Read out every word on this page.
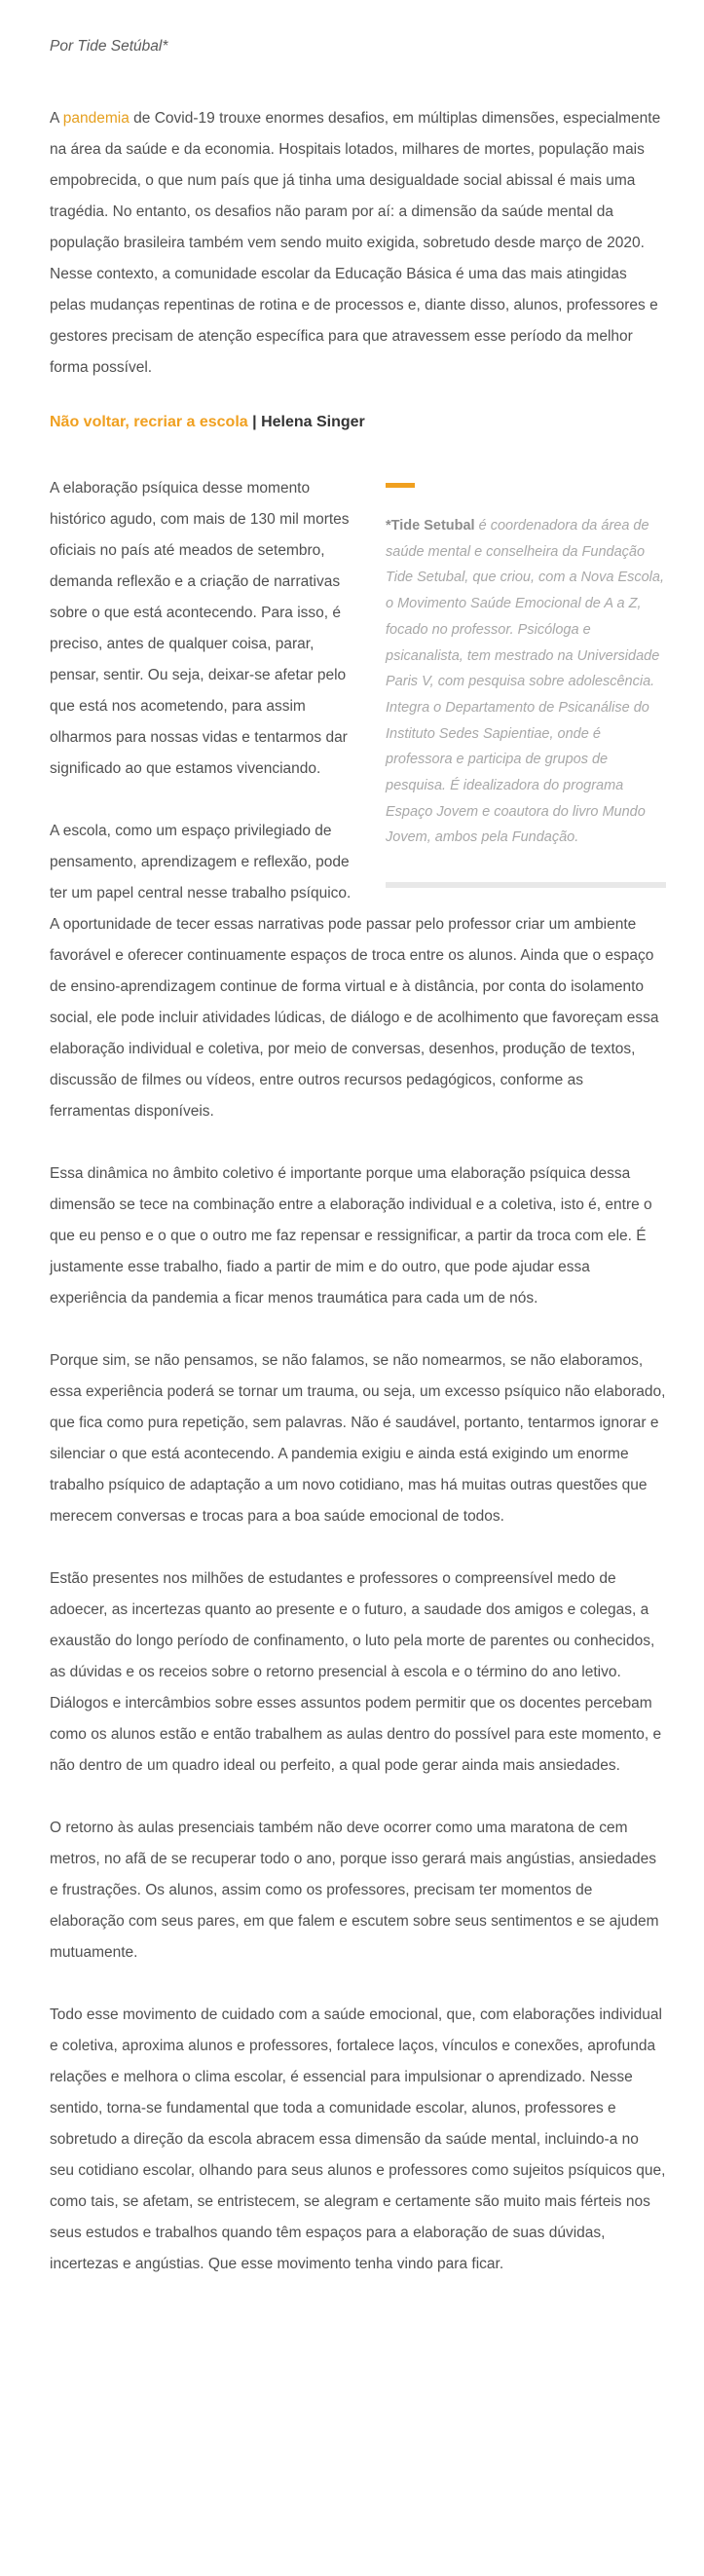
Por Tide Setúbal*

A pandemia de Covid-19 trouxe enormes desafios, em múltiplas dimensões, especialmente na área da saúde e da economia. Hospitais lotados, milhares de mortes, população mais empobrecida, o que num país que já tinha uma desigualdade social abissal é mais uma tragédia. No entanto, os desafios não param por aí: a dimensão da saúde mental da população brasileira também vem sendo muito exigida, sobretudo desde março de 2020. Nesse contexto, a comunidade escolar da Educação Básica é uma das mais atingidas pelas mudanças repentinas de rotina e de processos e, diante disso, alunos, professores e gestores precisam de atenção específica para que atravessem esse período da melhor forma possível.

Não voltar, recriar a escola | Helena Singer
*Tide Setubal é coordenadora da área de saúde mental e conselheira da Fundação Tide Setubal, que criou, com a Nova Escola, o Movimento Saúde Emocional de A a Z, focado no professor. Psicóloga e psicanalista, tem mestrado na Universidade Paris V, com pesquisa sobre adolescência. Integra o Departamento de Psicanálise do Instituto Sedes Sapientiae, onde é professora e participa de grupos de pesquisa. É idealizadora do programa Espaço Jovem e coautora do livro Mundo Jovem, ambos pela Fundação.

A elaboração psíquica desse momento histórico agudo, com mais de 130 mil mortes oficiais no país até meados de setembro, demanda reflexão e a criação de narrativas sobre o que está acontecendo. Para isso, é preciso, antes de qualquer coisa, parar, pensar, sentir. Ou seja, deixar-se afetar pelo que está nos acometendo, para assim olharmos para nossas vidas e tentarmos dar significado ao que estamos vivenciando.

A escola, como um espaço privilegiado de pensamento, aprendizagem e reflexão, pode ter um papel central nesse trabalho psíquico. A oportunidade de tecer essas narrativas pode passar pelo professor criar um ambiente favorável e oferecer continuamente espaços de troca entre os alunos. Ainda que o espaço de ensino-aprendizagem continue de forma virtual e à distância, por conta do isolamento social, ele pode incluir atividades lúdicas, de diálogo e de acolhimento que favoreçam essa elaboração individual e coletiva, por meio de conversas, desenhos, produção de textos, discussão de filmes ou vídeos, entre outros recursos pedagógicos, conforme as ferramentas disponíveis.

Essa dinâmica no âmbito coletivo é importante porque uma elaboração psíquica dessa dimensão se tece na combinação entre a elaboração individual e a coletiva, isto é, entre o que eu penso e o que o outro me faz repensar e ressignificar, a partir da troca com ele. É justamente esse trabalho, fiado a partir de mim e do outro, que pode ajudar essa experiência da pandemia a ficar menos traumática para cada um de nós.

Porque sim, se não pensamos, se não falamos, se não nomearmos, se não elaboramos, essa experiência poderá se tornar um trauma, ou seja, um excesso psíquico não elaborado, que fica como pura repetição, sem palavras. Não é saudável, portanto, tentarmos ignorar e silenciar o que está acontecendo. A pandemia exigiu e ainda está exigindo um enorme trabalho psíquico de adaptação a um novo cotidiano, mas há muitas outras questões que merecem conversas e trocas para a boa saúde emocional de todos.

Estão presentes nos milhões de estudantes e professores o compreensível medo de adoecer, as incertezas quanto ao presente e o futuro, a saudade dos amigos e colegas, a exaustão do longo período de confinamento, o luto pela morte de parentes ou conhecidos, as dúvidas e os receios sobre o retorno presencial à escola e o término do ano letivo. Diálogos e intercâmbios sobre esses assuntos podem permitir que os docentes percebam como os alunos estão e então trabalhem as aulas dentro do possível para este momento, e não dentro de um quadro ideal ou perfeito, a qual pode gerar ainda mais ansiedades.

O retorno às aulas presenciais também não deve ocorrer como uma maratona de cem metros, no afã de se recuperar todo o ano, porque isso gerará mais angústias, ansiedades e frustrações. Os alunos, assim como os professores, precisam ter momentos de elaboração com seus pares, em que falem e escutem sobre seus sentimentos e se ajudem mutuamente.

Todo esse movimento de cuidado com a saúde emocional, que, com elaborações individual e coletiva, aproxima alunos e professores, fortalece laços, vínculos e conexões, aprofunda relações e melhora o clima escolar, é essencial para impulsionar o aprendizado. Nesse sentido, torna-se fundamental que toda a comunidade escolar, alunos, professores e sobretudo a direção da escola abracem essa dimensão da saúde mental, incluindo-a no seu cotidiano escolar, olhando para seus alunos e professores como sujeitos psíquicos que, como tais, se afetam, se entristecem, se alegram e certamente são muito mais férteis nos seus estudos e trabalhos quando têm espaços para a elaboração de suas dúvidas, incertezas e angústias. Que esse movimento tenha vindo para ficar.
